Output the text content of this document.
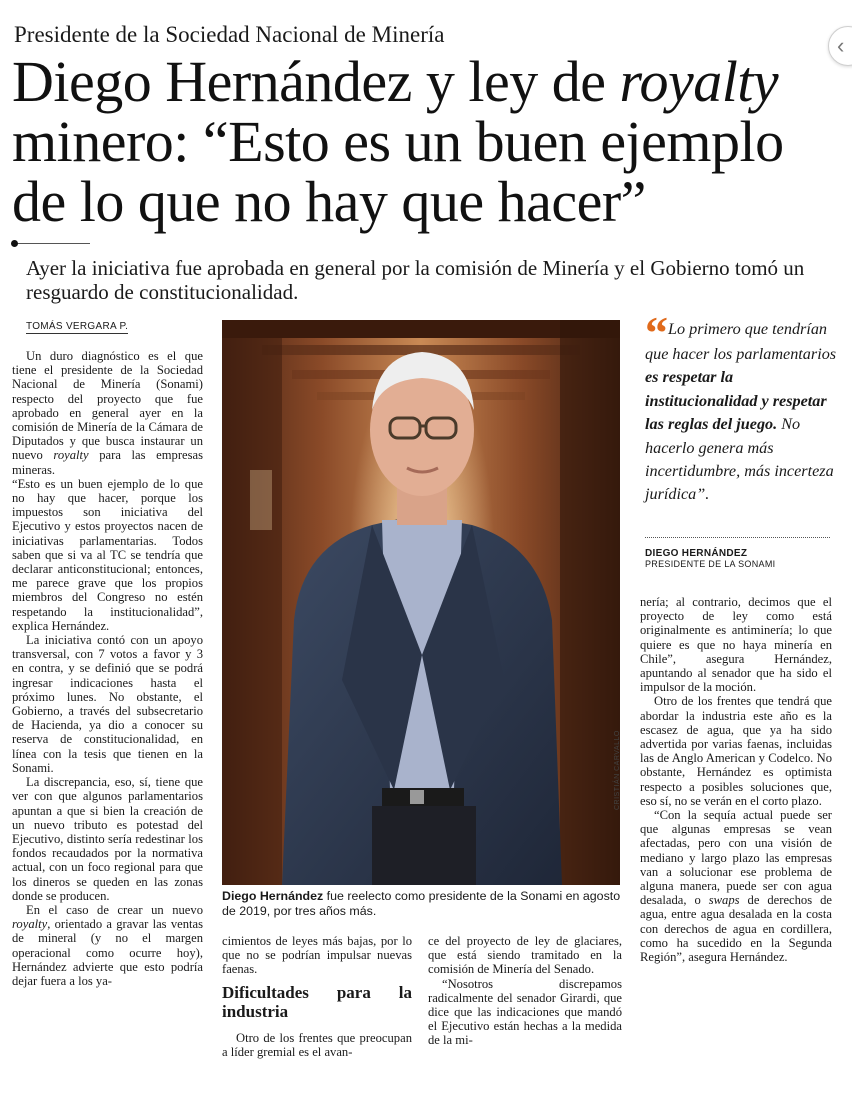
Presidente de la Sociedad Nacional de Minería
Diego Hernández y ley de royalty minero: “Esto es un buen ejemplo de lo que no hay que hacer”
Ayer la iniciativa fue aprobada en general por la comisión de Minería y el Gobierno tomó un resguardo de constitucionalidad.
TOMÁS VERGARA P.

Un duro diagnóstico es el que tiene el presidente de la Sociedad Nacional de Minería (Sonami) respecto del proyecto que fue aprobado en general ayer en la comisión de Minería de la Cámara de Diputados y que busca instaurar un nuevo royalty para las empresas mineras.

“Esto es un buen ejemplo de lo que no hay que hacer, porque los impuestos son iniciativa del Ejecutivo y estos proyectos nacen de iniciativas parlamentarias. Todos saben que si va al TC se tendría que declarar anticonstitucional; entonces, me parece grave que los propios miembros del Congreso no estén respetando la institucionalidad”, explica Hernández.

La iniciativa contó con un apoyo transversal, con 7 votos a favor y 3 en contra, y se definió que se podrá ingresar indicaciones hasta el próximo lunes. No obstante, el Gobierno, a través del subsecretario de Hacienda, ya dio a conocer su reserva de constitucionalidad, en línea con la tesis que tienen en la Sonami.

La discrepancia, eso, sí, tiene que ver con que algunos parlamentarios apuntan a que si bien la creación de un nuevo tributo es potestad del Ejecutivo, distinto sería redestinar los fondos recaudados por la normativa actual, con un foco regional para que los dineros se queden en las zonas donde se producen.

En el caso de crear un nuevo royalty, orientado a gravar las ventas de mineral (y no el margen operacional como ocurre hoy), Hernández advierte que esto podría dejar fuera a los ya-

CRISTIÁN CARVALLO
Diego Hernández fue reelecto como presidente de la Sonami en agosto de 2019, por tres años más.

cimientos de leyes más bajas, por lo que no se podrían impulsar nuevas faenas.

Dificultades para la industria

Otro de los frentes que preocupan a líder gremial es el avan-

ce del proyecto de ley de glaciares, que está siendo tramitado en la comisión de Minería del Senado.

“Nosotros discrepamos radicalmente del senador Girardi, que dice que las indicaciones que mandó el Ejecutivo están hechas a la medida de la mi-

“ Lo primero que tendrían que hacer los parlamentarios es respetar la institucionalidad y respetar las reglas del juego. No hacerlo genera más incertidumbre, más incerteza jurídica”.
DIEGO HERNÁNDEZ
PRESIDENTE DE LA SONAMI

nería; al contrario, decimos que el proyecto de ley como está originalmente es antiminería; lo que quiere es que no haya minería en Chile”, asegura Hernández, apuntando al senador que ha sido el impulsor de la moción.

Otro de los frentes que tendrá que abordar la industria este año es la escasez de agua, que ya ha sido advertida por varias faenas, incluidas las de Anglo American y Codelco. No obstante, Hernández es optimista respecto a posibles soluciones que, eso sí, no se verán en el corto plazo.

“Con la sequía actual puede ser que algunas empresas se vean afectadas, pero con una visión de mediano y largo plazo las empresas van a solucionar ese problema de alguna manera, puede ser con agua desalada, o swaps de derechos de agua, entre agua desalada en la costa con derechos de agua en cordillera, como ha sucedido en la Segunda Región”, asegura Hernández.

‹
